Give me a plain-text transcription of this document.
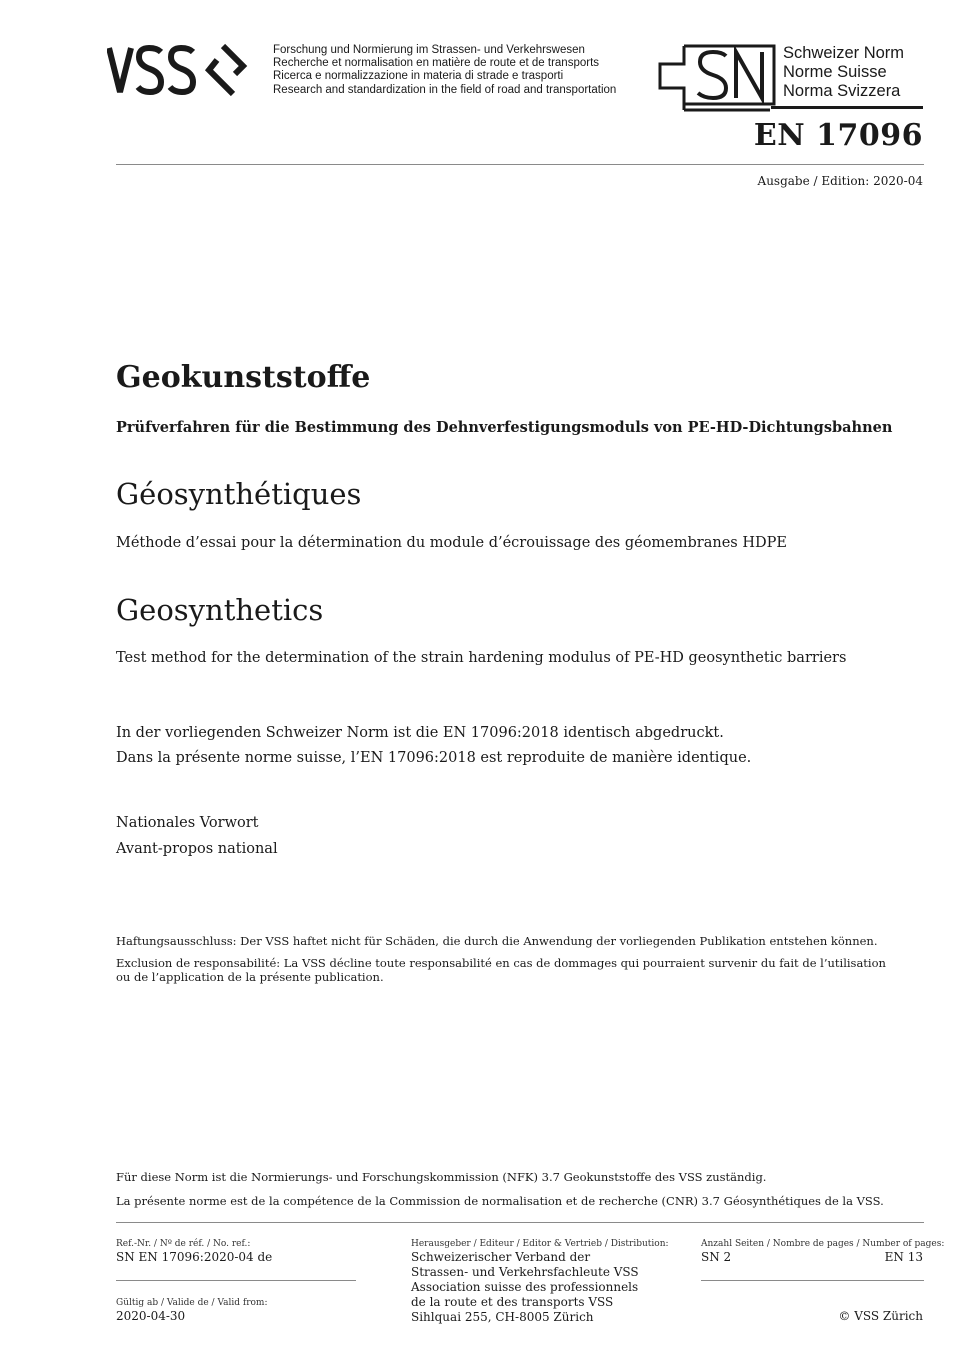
Forschung und Normierung im Strassen- und Verkehrswesen
Recherche et normalisation en matière de route et de transports
Ricerca e normalizzazione in materia di strade e trasporti
Research and standardization in the field of road and transportation
Schweizer Norm
Norme Suisse
Norma Svizzera
EN 17096
Ausgabe / Edition: 2020-04
Geokunststoffe
Prüfverfahren für die Bestimmung des Dehnverfestigungsmoduls von PE-HD-Dichtungsbahnen
Géosynthétiques
Méthode d’essai pour la détermination du module d’écrouissage des géomembranes HDPE
Geosynthetics
Test method for the determination of the strain hardening modulus of PE-HD geosynthetic barriers
In der vorliegenden Schweizer Norm ist die EN 17096:2018 identisch abgedruckt.
Dans la présente norme suisse, l’EN 17096:2018 est reproduite de manière identique.
Nationales Vorwort
Avant-propos national
Haftungsausschluss: Der VSS haftet nicht für Schäden, die durch die Anwendung der vorliegenden Publikation entstehen können.
Exclusion de responsabilité: La VSS décline toute responsabilité en cas de dommages qui pourraient survenir du fait de l’utilisation
ou de l’application de la présente publication.
Für diese Norm ist die Normierungs- und Forschungskommission (NFK) 3.7 Geokunststoffe des VSS zuständig.
La présente norme est de la compétence de la Commission de normalisation et de recherche (CNR) 3.7 Géosynthétiques de la VSS.
Ref.-Nr. / Nº de réf. / No. ref.:
SN EN 17096:2020-04 de
Gültig ab / Valide de / Valid from:
2020-04-30
Herausgeber / Editeur / Editor & Vertrieb / Distribution:
Schweizerischer Verband der
Strassen- und Verkehrsfachleute VSS
Association suisse des professionnels
de la route et des transports VSS
Sihlquai 255, CH-8005 Zürich
Anzahl Seiten / Nombre de pages / Number of pages:
SN 2	EN 13
© VSS Zürich
